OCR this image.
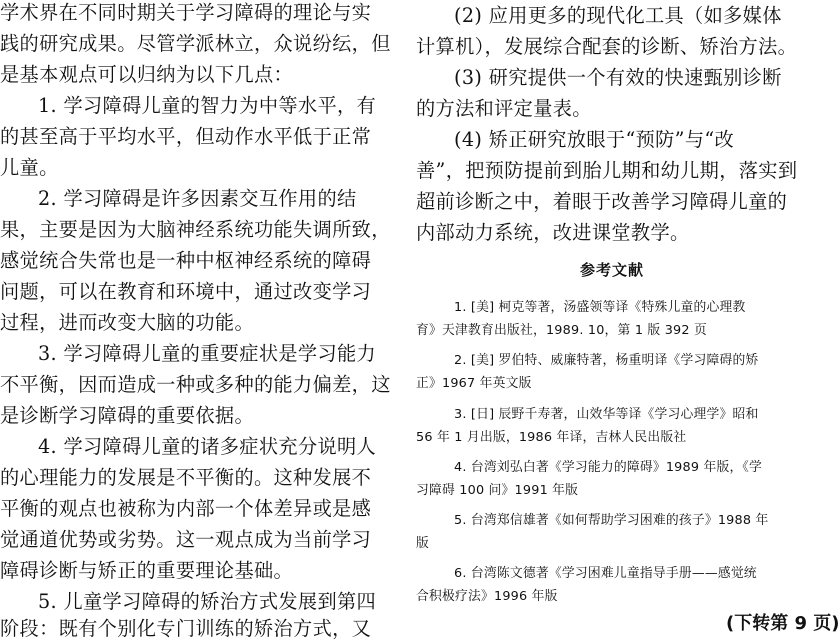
学术界在不同时期关于学习障碍的理论与实
践的研究成果。尽管学派林立，众说纷纭，但
是基本观点可以归纳为以下几点：
1. 学习障碍儿童的智力为中等水平，有
的甚至高于平均水平，但动作水平低于正常
儿童。
2. 学习障碍是许多因素交互作用的结
果，主要是因为大脑神经系统功能失调所致，
感觉统合失常也是一种中枢神经系统的障碍
问题，可以在教育和环境中，通过改变学习
过程，进而改变大脑的功能。
3. 学习障碍儿童的重要症状是学习能力
不平衡，因而造成一种或多种的能力偏差，这
是诊断学习障碍的重要依据。
4. 学习障碍儿童的诸多症状充分说明人
的心理能力的发展是不平衡的。这种发展不
平衡的观点也被称为内部一个体差异或是感
觉通道优势或劣势。这一观点成为当前学习
障碍诊断与矫正的重要理论基础。
5. 儿童学习障碍的矫治方式发展到第四
阶段：既有个别化专门训练的矫治方式，又
(2) 应用更多的现代化工具（如多媒体
计算机），发展综合配套的诊断、矫治方法。
(3) 研究提供一个有效的快速甄别诊断
的方法和评定量表。
(4) 矫正研究放眼于“预防”与“改
善”，把预防提前到胎儿期和幼儿期，落实到
超前诊断之中，着眼于改善学习障碍儿童的
内部动力系统，改进课堂教学。
参考文献
1. [美] 柯克等著，汤盛领等译《特殊儿童的心理教
育》天津教育出版社，1989. 10，第 1 版 392 页
2. [美] 罗伯特、威廉特著，杨重明译《学习障碍的矫
正》1967 年英文版
3. [日] 辰野千寿著，山效华等译《学习心理学》昭和
56 年 1 月出版，1986 年译，吉林人民出版社
4. 台湾刘弘白著《学习能力的障碍》1989 年版，《学
习障碍 100 问》1991 年版
5. 台湾郑信雄著《如何帮助学习困难的孩子》1988 年
版
6. 台湾陈文德著《学习困难儿童指导手册——感觉统
合积极疗法》1996 年版
(下转第 9 页)
